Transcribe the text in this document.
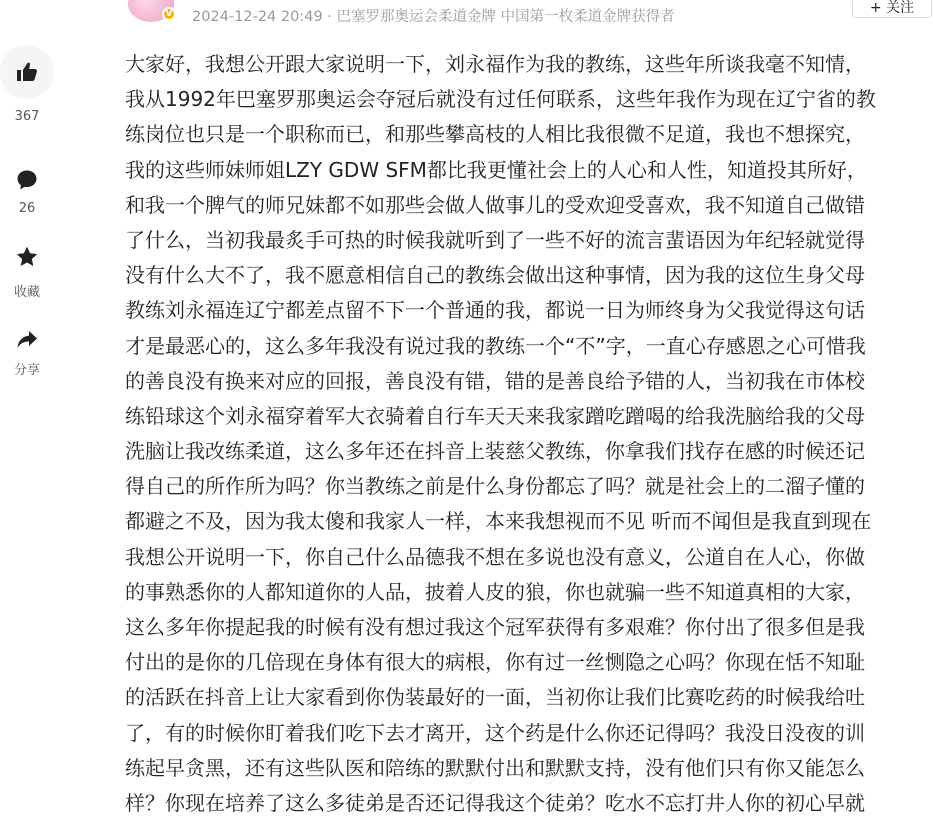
V 2024-12-24 20:49 · 巴塞罗那奥运会柔道金牌 中国第一枚柔道金牌获得者
+ 关注
367
26
收藏
分享
大家好，我想公开跟大家说明一下，刘永福作为我的教练，这些年所谈我毫不知情，
我从1992年巴塞罗那奥运会夺冠后就没有过任何联系，这些年我作为现在辽宁省的教
练岗位也只是一个职称而已，和那些攀高枝的人相比我很微不足道，我也不想探究，
我的这些师妹师姐LZY GDW SFM都比我更懂社会上的人心和人性，知道投其所好，
和我一个脾气的师兄妹都不如那些会做人做事儿的受欢迎受喜欢，我不知道自己做错
了什么，当初我最炙手可热的时候我就听到了一些不好的流言蜚语因为年纪轻就觉得
没有什么大不了，我不愿意相信自己的教练会做出这种事情，因为我的这位生身父母
教练刘永福连辽宁都差点留不下一个普通的我，都说一日为师终身为父我觉得这句话
才是最恶心的，这么多年我没有说过我的教练一个“不”字，一直心存感恩之心可惜我
的善良没有换来对应的回报，善良没有错，错的是善良给予错的人，当初我在市体校
练铅球这个刘永福穿着军大衣骑着自行车天天来我家蹭吃蹭喝的给我洗脑给我的父母
洗脑让我改练柔道，这么多年还在抖音上装慈父教练，你拿我们找存在感的时候还记
得自己的所作所为吗？你当教练之前是什么身份都忘了吗？就是社会上的二溜子懂的
都避之不及，因为我太傻和我家人一样，本来我想视而不见 听而不闻但是我直到现在
我想公开说明一下，你自己什么品德我不想在多说也没有意义，公道自在人心，你做
的事熟悉你的人都知道你的人品，披着人皮的狼，你也就骗一些不知道真相的大家，
这么多年你提起我的时候有没有想过我这个冠军获得有多艰难？你付出了很多但是我
付出的是你的几倍现在身体有很大的病根，你有过一丝恻隐之心吗？你现在恬不知耻
的活跃在抖音上让大家看到你伪装最好的一面，当初你让我们比赛吃药的时候我给吐
了，有的时候你盯着我们吃下去才离开，这个药是什么你还记得吗？我没日没夜的训
练起早贪黑，还有这些队医和陪练的默默付出和默默支持，没有他们只有你又能怎么
样？你现在培养了这么多徒弟是否还记得我这个徒弟？吃水不忘打井人你的初心早就
